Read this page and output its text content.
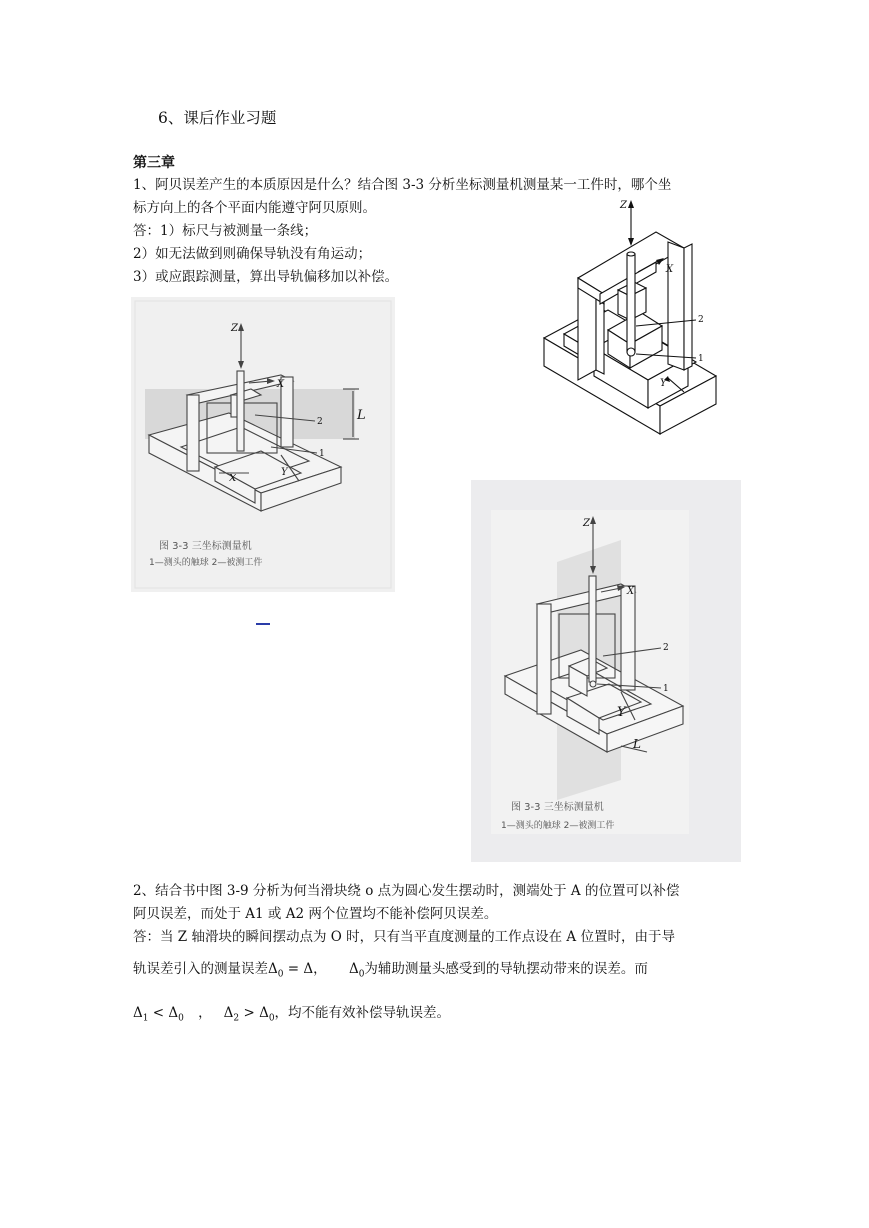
6、课后作业习题
第三章
1、阿贝误差产生的本质原因是什么？结合图 3-3 分析坐标测量机测量某一工件时，哪个坐
标方向上的各个平面内能遵守阿贝原则。
答：1）标尺与被测量一条线；
2）如无法做到则确保导轨没有角运动；
3）或应跟踪测量，算出导轨偏移加以补偿。
Z
X
Y
2
1
Z
X
Y
L
2
1
x
图 3-3 三坐标测量机
1—测头的触球 2—被测工件
Z
X
Y
L
2
1
图 3-3 三坐标测量机
1—测头的触球 2—被测工件
2、结合书中图 3-9 分析为何当滑块绕 o 点为圆心发生摆动时，测端处于 A 的位置可以补偿
阿贝误差，而处于 A1 或 A2 两个位置均不能补偿阿贝误差。
答：当 Z 轴滑块的瞬间摆动点为 O 时，只有当平直度测量的工作点设在 A 位置时，由于导
轨误差引入的测量误差$\Delta_0 = \Delta$， $\Delta_0$为辅助测量头感受到的导轨摆动带来的误差。而
$\Delta_1 < \Delta_0$ ， $\Delta_2 > \Delta_0$，均不能有效补偿导轨误差。
